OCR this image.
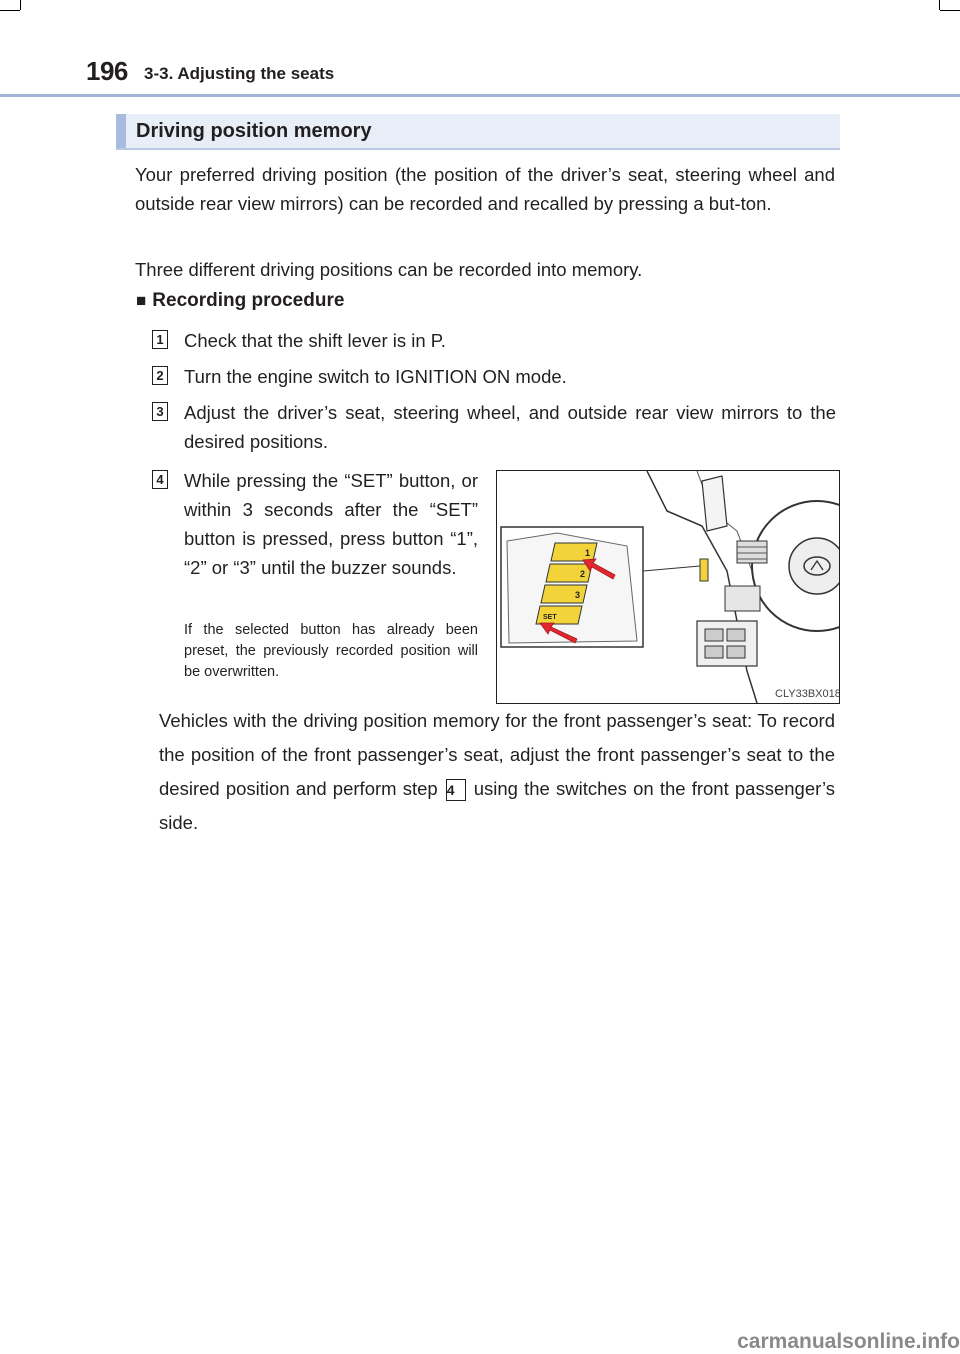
196 3-3. Adjusting the seats
Driving position memory
Your preferred driving position (the position of the driver’s seat, steering wheel and outside rear view mirrors) can be recorded and recalled by pressing a but-ton.
Three different driving positions can be recorded into memory.
■ Recording procedure
1 Check that the shift lever is in P.
2 Turn the engine switch to IGNITION ON mode.
3 Adjust the driver’s seat, steering wheel, and outside rear view mirrors to the desired positions.
4 While pressing the “SET” button, or within 3 seconds after the “SET” button is pressed, press button “1”, “2” or “3” until the buzzer sounds.
If the selected button has already been preset, the previously recorded position will be overwritten.
1
2
3
SET
CLY33BX018
Vehicles with the driving position memory for the front passenger’s seat: To record the position of the front passenger’s seat, adjust the front passenger’s seat to the desired position and perform step 4 using the switches on the front passenger’s side.
carmanualsonline.info
